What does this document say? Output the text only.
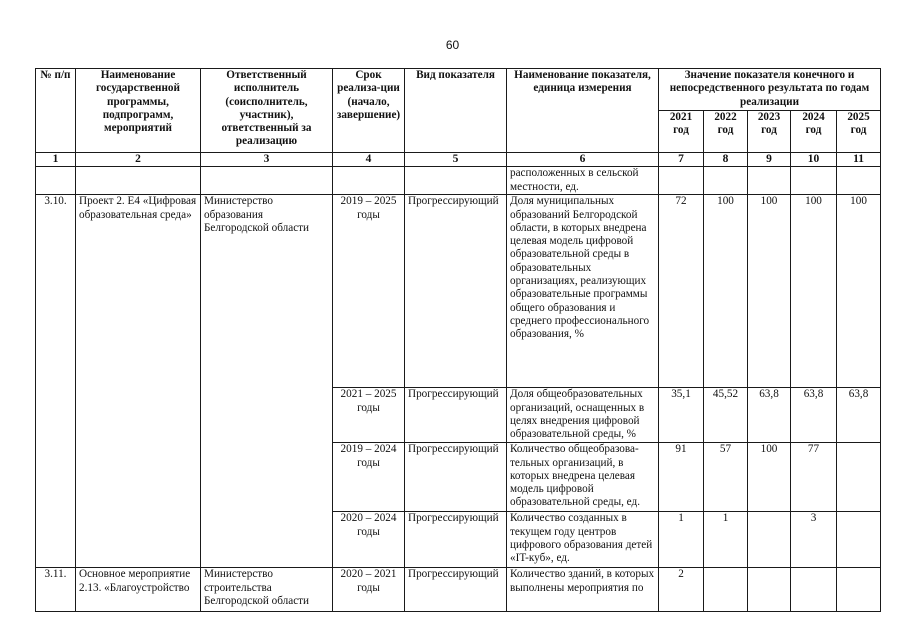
60
№ п/п	Наименование государственной программы, подпрограмм, мероприятий	Ответственный исполнитель (соисполнитель, участник), ответственный за реализацию	Срок реализа-ции (начало, завершение)	Вид показателя	Наименование показателя, единица измерения	Значение показателя конечного и непосредственного результата по годам реализации				
						2021 год	2022 год	2023 год	2024 год	2025 год
1	2	3	4	5	6	7	8	9	10	11
					расположенных в сельской местности, ед.					
3.10.	Проект 2. Е4 «Цифровая образовательная среда»	Министерство образования Белгородской области	2019 – 2025 годы	Прогрессирующий	Доля муниципальных образований Белгородской области, в которых внедрена целевая модель цифровой образовательной среды в образовательных организациях, реализующих образовательные программы общего образования и среднего профессионального образования, %	72	100	100	100	100
			2021 – 2025 годы	Прогрессирующий	Доля общеобразовательных организаций, оснащенных в целях внедрения цифровой образовательной среды, %	35,1	45,52	63,8	63,8	63,8
			2019 – 2024 годы	Прогрессирующий	Количество общеобразова-тельных организаций, в которых внедрена целевая модель цифровой образовательной среды, ед.	91	57	100	77	
			2020 – 2024 годы	Прогрессирующий	Количество созданных в текущем году центров цифрового образования детей «IT-куб», ед.	1	1		3	
3.11.	Основное мероприятие 2.13. «Благоустройство	Министерство строительства Белгородской области	2020 – 2021 годы	Прогрессирующий	Количество зданий, в которых выполнены мероприятия по	2				
